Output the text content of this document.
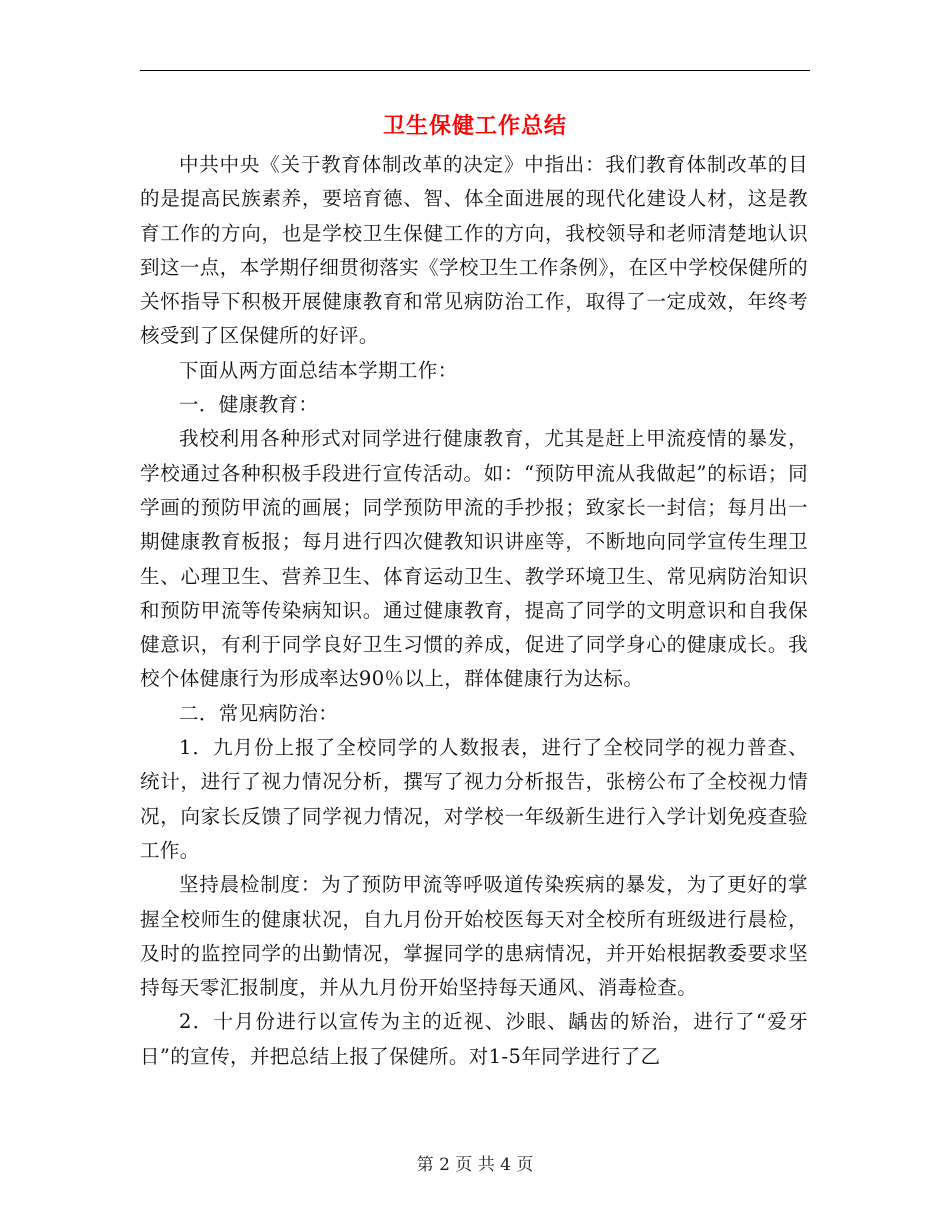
卫生保健工作总结

中共中央《关于教育体制改革的决定》中指出：我们教育体制改革的目的是提高民族素养，要培育德、智、体全面进展的现代化建设人材，这是教育工作的方向，也是学校卫生保健工作的方向，我校领导和老师清楚地认识到这一点，本学期仔细贯彻落实《学校卫生工作条例》，在区中学校保健所的关怀指导下积极开展健康教育和常见病防治工作，取得了一定成效，年终考核受到了区保健所的好评。

下面从两方面总结本学期工作：

一．健康教育：

我校利用各种形式对同学进行健康教育，尤其是赶上甲流疫情的暴发，学校通过各种积极手段进行宣传活动。如：“预防甲流从我做起”的标语；同学画的预防甲流的画展；同学预防甲流的手抄报；致家长一封信；每月出一期健康教育板报；每月进行四次健教知识讲座等，不断地向同学宣传生理卫生、心理卫生、营养卫生、体育运动卫生、教学环境卫生、常见病防治知识和预防甲流等传染病知识。通过健康教育，提高了同学的文明意识和自我保健意识，有利于同学良好卫生习惯的养成，促进了同学身心的健康成长。我校个体健康行为形成率达90％以上，群体健康行为达标。

二．常见病防治：

1．九月份上报了全校同学的人数报表，进行了全校同学的视力普查、统计，进行了视力情况分析，撰写了视力分析报告，张榜公布了全校视力情况，向家长反馈了同学视力情况，对学校一年级新生进行入学计划免疫查验工作。

坚持晨检制度：为了预防甲流等呼吸道传染疾病的暴发，为了更好的掌握全校师生的健康状况，自九月份开始校医每天对全校所有班级进行晨检，及时的监控同学的出勤情况，掌握同学的患病情况，并开始根据教委要求坚持每天零汇报制度，并从九月份开始坚持每天通风、消毒检查。

2．十月份进行以宣传为主的近视、沙眼、龋齿的矫治，进行了“爱牙日”的宣传，并把总结上报了保健所。对1-5年同学进行了乙

第 2 页 共 4 页
